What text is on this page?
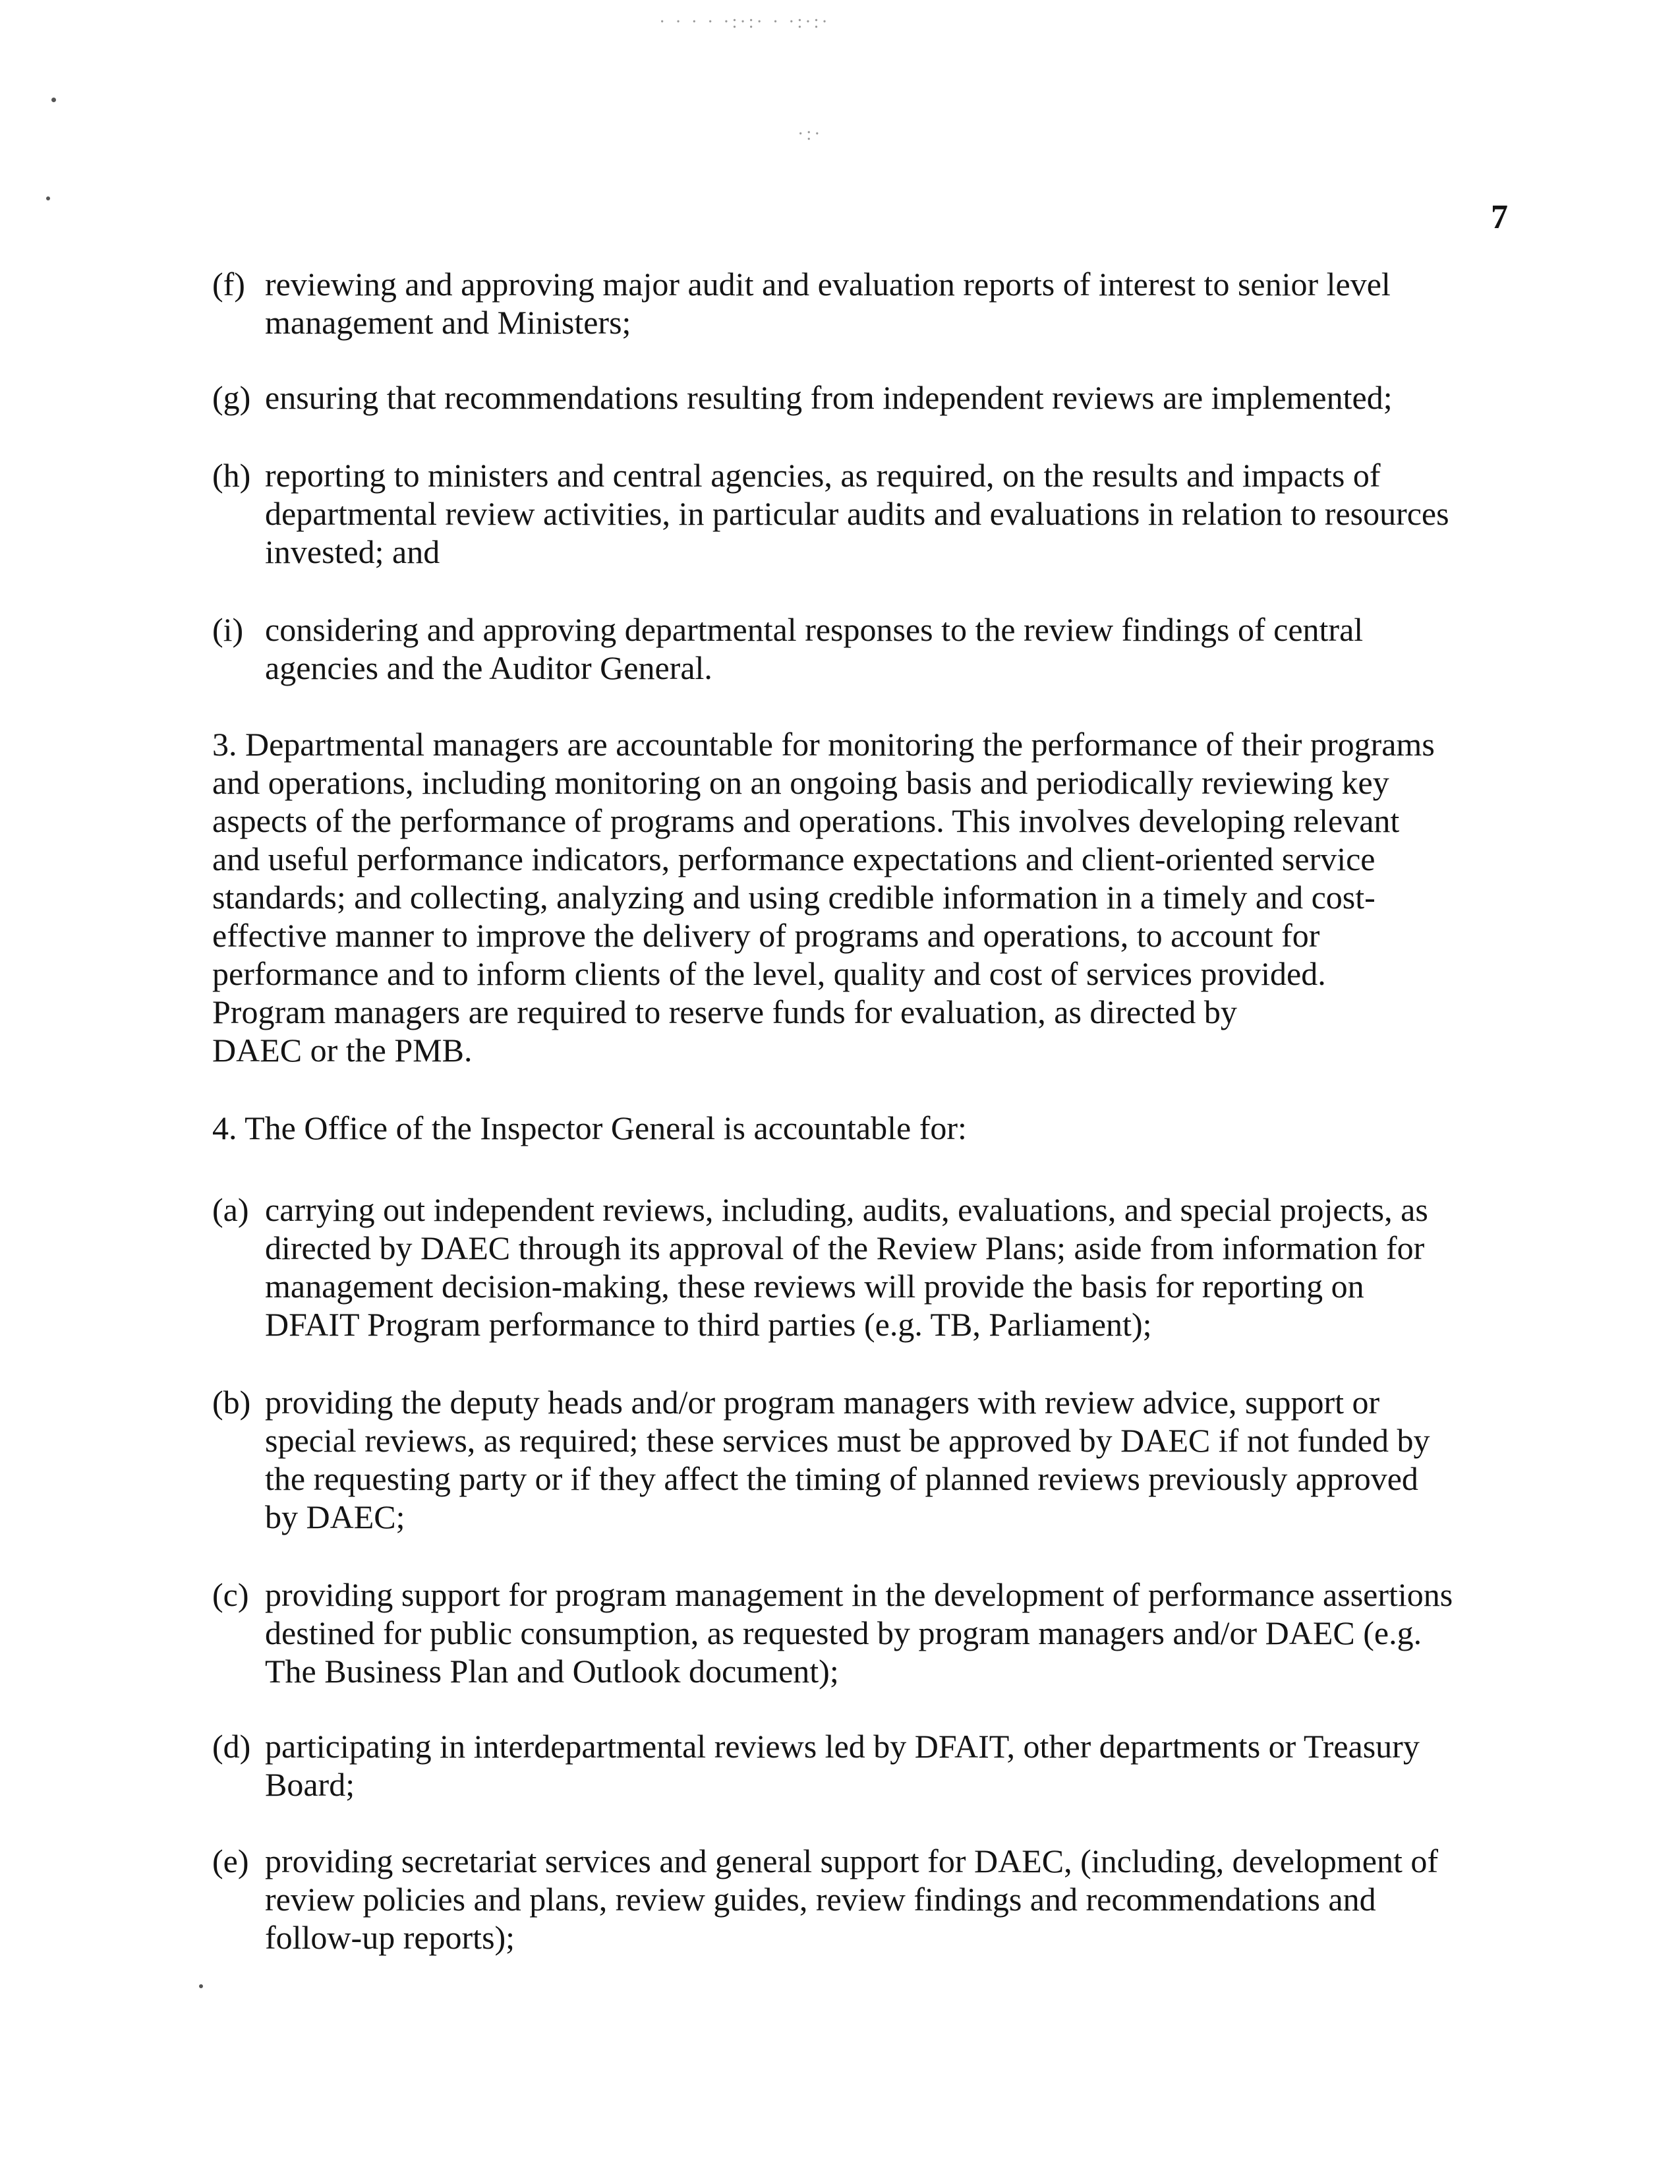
· · · · ·:·:· · ·:·:·
·:·
7
(f) reviewing and approving major audit and evaluation reports of interest to senior level
management and Ministers;
(g) ensuring that recommendations resulting from independent reviews are implemented;
(h) reporting to ministers and central agencies, as required, on the results and impacts of
departmental review activities, in particular audits and evaluations in relation to resources
invested; and
(i) considering and approving departmental responses to the review findings of central
agencies and the Auditor General.
3. Departmental managers are accountable for monitoring the performance of their programs
and operations, including monitoring on an ongoing basis and periodically reviewing key
aspects of the performance of programs and operations. This involves developing relevant
and useful performance indicators, performance expectations and client-oriented service
standards; and collecting, analyzing and using credible information in a timely and cost-
effective manner to improve the delivery of programs and operations, to account for
performance and to inform clients of the level, quality and cost of services provided.
Program managers are required to reserve funds for evaluation, as directed by
DAEC or the PMB.
4. The Office of the Inspector General is accountable for:
(a) carrying out independent reviews, including, audits, evaluations, and special projects, as
directed by DAEC through its approval of the Review Plans; aside from information for
management decision-making, these reviews will provide the basis for reporting on
DFAIT Program performance to third parties (e.g. TB, Parliament);
(b) providing the deputy heads and/or program managers with review advice, support or
special reviews, as required; these services must be approved by DAEC if not funded by
the requesting party or if they affect the timing of planned reviews previously approved
by DAEC;
(c) providing support for program management in the development of performance assertions
destined for public consumption, as requested by program managers and/or DAEC (e.g.
The Business Plan and Outlook document);
(d) participating in interdepartmental reviews led by DFAIT, other departments or Treasury
Board;
(e) providing secretariat services and general support for DAEC, (including, development of
review policies and plans, review guides, review findings and recommendations and
follow-up reports);
